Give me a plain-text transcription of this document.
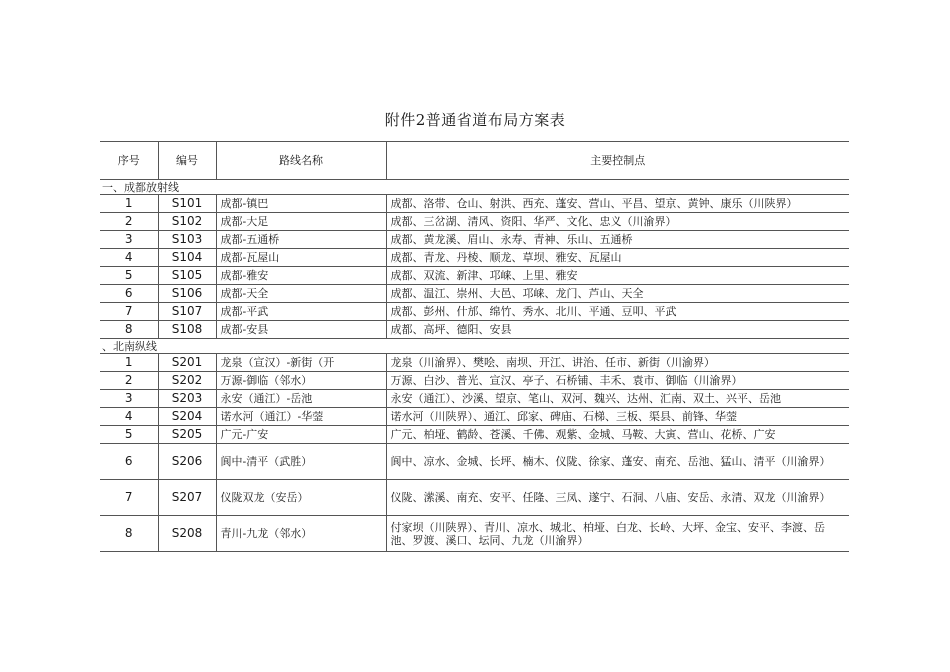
附件2普通省道布局方案表
序号	编号	路线名称	主要控制点
一、成都放射线			
1	S101	成都-镇巴	成都、洛带、仓山、射洪、西充、蓬安、营山、平昌、望京、黄钟、康乐（川陕界）
2	S102	成都-大足	成都、三岔湖、清风、资阳、华严、文化、忠义（川渝界）
3	S103	成都-五通桥	成都、黄龙溪、眉山、永寿、青神、乐山、五通桥
4	S104	成都-瓦屋山	成都、青龙、丹棱、顺龙、草坝、雅安、瓦屋山
5	S105	成都-雅安	成都、双流、新津、邛崃、上里、雅安
6	S106	成都-天全	成都、温江、崇州、大邑、邛崃、龙门、芦山、天全
7	S107	成都-平武	成都、彭州、什邡、绵竹、秀水、北川、平通、豆叩、平武
8	S108	成都-安县	成都、高坪、德阳、安县
、北南纵线			
1	S201	龙泉（宣汉）-新街（开	龙泉（川渝界）、樊哙、南坝、开江、讲治、任市、新街（川渝界）
2	S202	万源-御临（邻水）	万源、白沙、普光、宣汉、亭子、石桥铺、丰禾、袁市、御临（川渝界）
3	S203	永安（通江）-岳池	永安（通江）、沙溪、望京、笔山、双河、魏兴、达州、汇南、双土、兴平、岳池
4	S204	诺水河（通江）-华蓥	诺水河（川陕界）、通江、邱家、碑庙、石梯、三板、渠县、前锋、华蓥
5	S205	广元-广安	广元、柏垭、鹤龄、苍溪、千佛、观紫、金城、马鞍、大寅、营山、花桥、广安
6	S206	阆中-清平（武胜）	阆中、凉水、金城、长坪、楠木、仪陇、徐家、蓬安、南充、岳池、猛山、清平（川渝界）
7	S207	仪陇双龙（安岳）	仪陇、潆溪、南充、安平、任隆、三凤、遂宁、石洞、八庙、安岳、永清、双龙（川渝界）
8	S208	青川-九龙（邻水）	付家坝（川陕界）、青川、凉水、城北、柏垭、白龙、长岭、大坪、金宝、安平、李渡、岳池、罗渡、溪口、坛同、九龙（川渝界）
